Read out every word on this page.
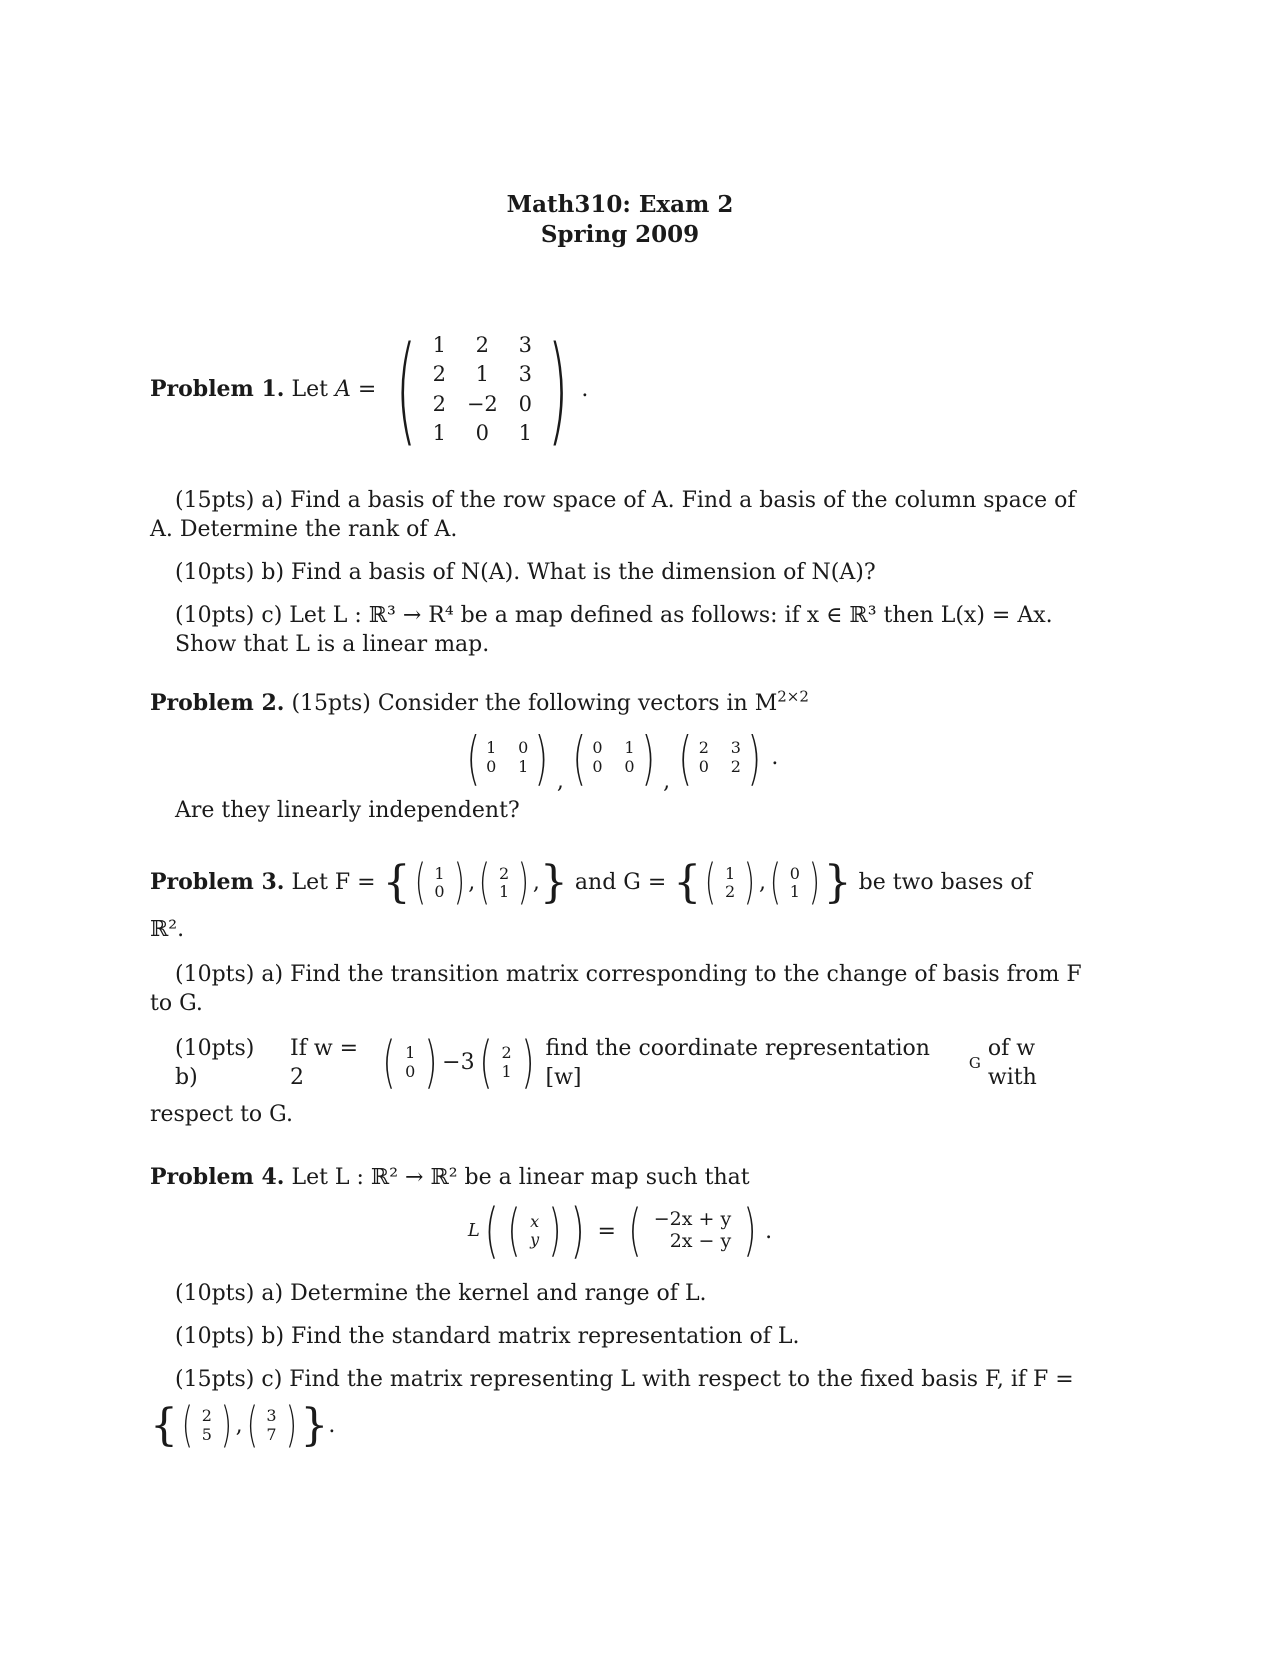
Math310: Exam 2
Spring 2009
Problem 1.
Let
A
=
( 1	2	3
2	1	3
2 −2 0
1	0	1 ) .

(15pts) a) Find a basis of the row space of A. Find a basis of the column space of A. Determine the rank of A.

(10pts) b) Find a basis of N(A). What is the dimension of N(A)?

(10pts) c) Let L : ℝ³ → R⁴ be a map defined as follows: if x ∈ ℝ³ then L(x) = Ax. Show that L is a linear map.

Problem 2. (15pts) Consider the following vectors in $M^{2\times 2}$

( 1 0
0 1 ) , ( 0 1
0 0 ) , ( 2 3
0 2 ) .

Are they linearly independent?

Problem 3.
Let F =
{ ( 1
0 ) , ( 2
1 ) , }
and G =
{ ( 1
2 ) , ( 0
1 ) }
be two bases of

ℝ².

(10pts) a) Find the transition matrix corresponding to the change of basis from F to G.

(10pts) b)

If w = 2	( 1
0 ) −3 ( 2
1 )
find the coordinate representation [w]
G

of w with

respect to G.

Problem 4. Let L : ℝ² → ℝ² be a linear map such that

L ( ( x
y ) ) = ( −2x + y
2x − y ) .

(10pts) a) Determine the kernel and range of L.

(10pts) b) Find the standard matrix representation of L.

(15pts) c) Find the matrix representing L with respect to the fixed basis F, if F =

{ ( 2
5 ) , ( 3
7 ) } .
